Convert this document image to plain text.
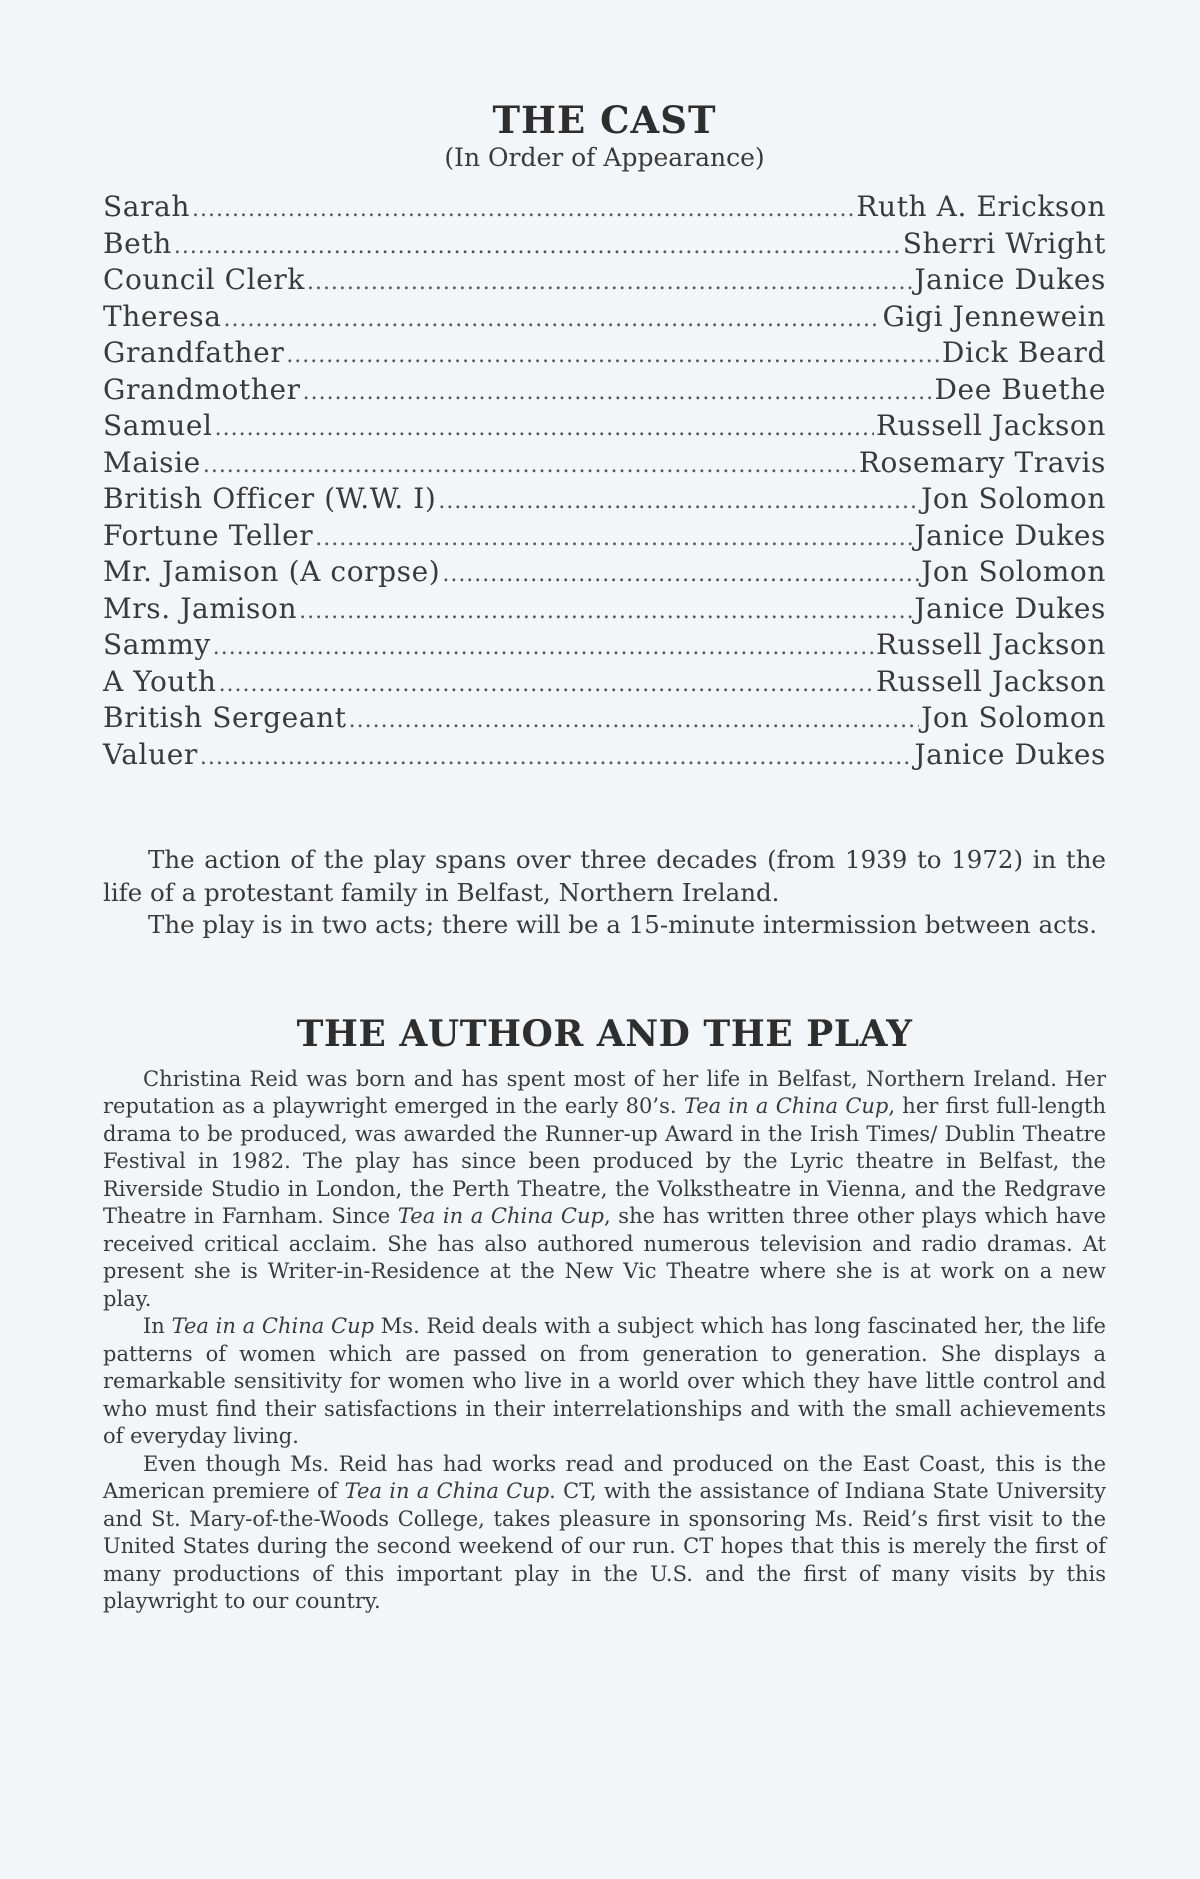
THE CAST
(In Order of Appearance)
Sarah .....	Ruth A. Erickson
Beth .....	Sherri Wright
Council Clerk .....	Janice Dukes
Theresa .....	Gigi Jennewein
Grandfather .....	Dick Beard
Grandmother .....	Dee Buethe
Samuel .....	Russell Jackson
Maisie .....	Rosemary Travis
British Officer (W.W. I) .....	Jon Solomon
Fortune Teller .....	Janice Dukes
Mr. Jamison (A corpse) .....	Jon Solomon
Mrs. Jamison .....	Janice Dukes
Sammy .....	Russell Jackson
A Youth .....	Russell Jackson
British Sergeant .....	Jon Solomon
Valuer .....	Janice Dukes

The action of the play spans over three decades (from 1939 to 1972) in the life of a protestant family in Belfast, Northern Ireland.

The play is in two acts; there will be a 15-minute intermission between acts.

THE AUTHOR AND THE PLAY

Christina Reid was born and has spent most of her life in Belfast, Northern Ireland. Her reputation as a playwright emerged in the early 80’s. Tea in a China Cup, her first full-length drama to be produced, was awarded the Runner-up Award in the Irish Times/ Dublin Theatre Festival in 1982. The play has since been produced by the Lyric theatre in Belfast, the Riverside Studio in London, the Perth Theatre, the Volkstheatre in Vienna, and the Redgrave Theatre in Farnham. Since Tea in a China Cup, she has written three other plays which have received critical acclaim. She has also authored numerous television and radio dramas. At present she is Writer-in-Residence at the New Vic Theatre where she is at work on a new play.

In Tea in a China Cup Ms. Reid deals with a subject which has long fascinated her, the life patterns of women which are passed on from generation to generation. She displays a remarkable sensitivity for women who live in a world over which they have little control and who must find their satisfactions in their interrelationships and with the small achievements of everyday living.

Even though Ms. Reid has had works read and produced on the East Coast, this is the American premiere of Tea in a China Cup. CT, with the assistance of Indiana State University and St. Mary-of-the-Woods College, takes pleasure in sponsoring Ms. Reid’s first visit to the United States during the second weekend of our run. CT hopes that this is merely the first of many productions of this important play in the U.S. and the first of many visits by this playwright to our country.
